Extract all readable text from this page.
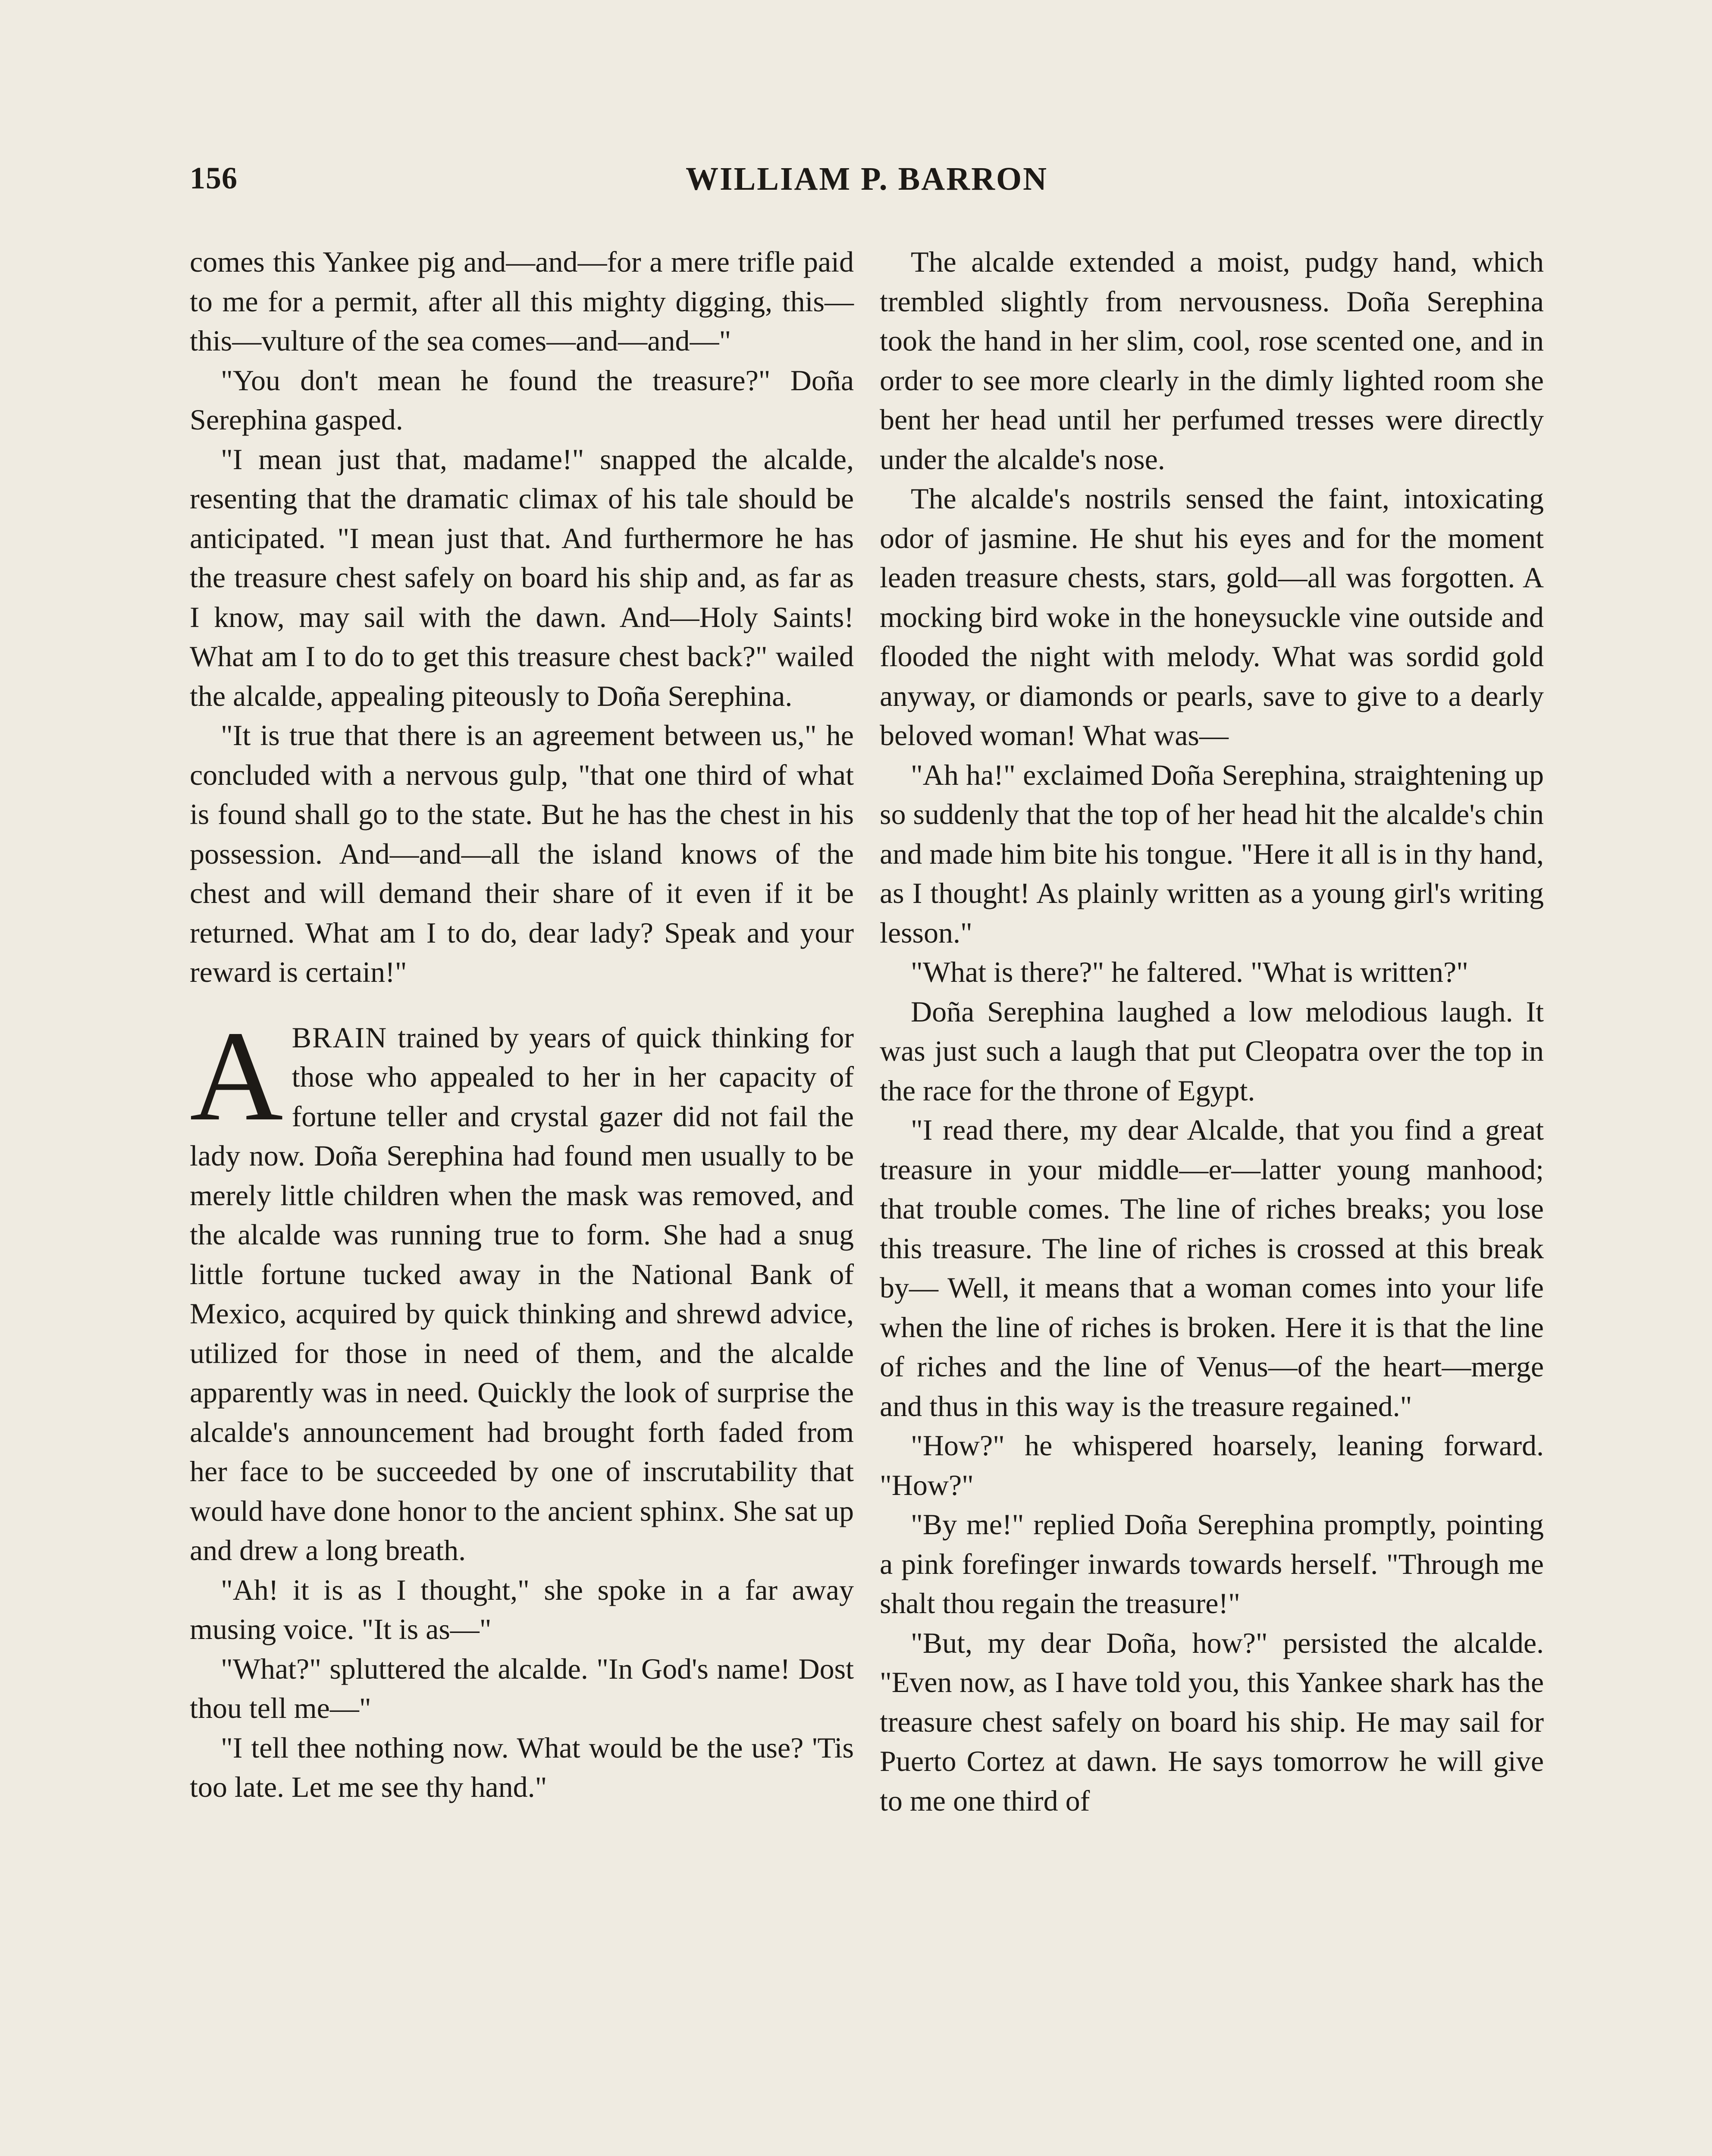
156	WILLIAM P. BARRON

comes this Yankee pig and—and—for a mere trifle paid to me for a permit, after all this mighty digging, this—this—vulture of the sea comes—and—and—"

"You don't mean he found the treasure?" Doña Serephina gasped.

"I mean just that, madame!" snapped the alcalde, resenting that the dramatic climax of his tale should be anticipated. "I mean just that. And furthermore he has the treasure chest safely on board his ship and, as far as I know, may sail with the dawn. And—Holy Saints! What am I to do to get this treasure chest back?" wailed the alcalde, appealing piteously to Doña Serephina.

"It is true that there is an agreement between us," he concluded with a nervous gulp, "that one third of what is found shall go to the state. But he has the chest in his possession. And—and—all the island knows of the chest and will demand their share of it even if it be returned. What am I to do, dear lady? Speak and your reward is certain!"

ABRAIN trained by years of quick thinking for those who appealed to her in her capacity of fortune teller and crystal gazer did not fail the lady now. Doña Serephina had found men usually to be merely little children when the mask was removed, and the alcalde was running true to form. She had a snug little fortune tucked away in the National Bank of Mexico, acquired by quick thinking and shrewd advice, utilized for those in need of them, and the alcalde apparently was in need. Quickly the look of surprise the alcalde's announcement had brought forth faded from her face to be succeeded by one of inscrutability that would have done honor to the ancient sphinx. She sat up and drew a long breath.

"Ah! it is as I thought," she spoke in a far away musing voice. "It is as—"

"What?" spluttered the alcalde. "In God's name! Dost thou tell me—"

"I tell thee nothing now. What would be the use? 'Tis too late. Let me see thy hand."

The alcalde extended a moist, pudgy hand, which trembled slightly from nervousness. Doña Serephina took the hand in her slim, cool, rose scented one, and in order to see more clearly in the dimly lighted room she bent her head until her perfumed tresses were directly under the alcalde's nose.

The alcalde's nostrils sensed the faint, intoxicating odor of jasmine. He shut his eyes and for the moment leaden treasure chests, stars, gold—all was forgotten. A mocking bird woke in the honeysuckle vine outside and flooded the night with melody. What was sordid gold anyway, or diamonds or pearls, save to give to a dearly beloved woman! What was—

"Ah ha!" exclaimed Doña Serephina, straightening up so suddenly that the top of her head hit the alcalde's chin and made him bite his tongue. "Here it all is in thy hand, as I thought! As plainly written as a young girl's writing lesson."

"What is there?" he faltered. "What is written?"

Doña Serephina laughed a low melodious laugh. It was just such a laugh that put Cleopatra over the top in the race for the throne of Egypt.

"I read there, my dear Alcalde, that you find a great treasure in your middle—er—latter young manhood; that trouble comes. The line of riches breaks; you lose this treasure. The line of riches is crossed at this break by— Well, it means that a woman comes into your life when the line of riches is broken. Here it is that the line of riches and the line of Venus—of the heart—merge and thus in this way is the treasure regained."

"How?" he whispered hoarsely, leaning forward. "How?"

"By me!" replied Doña Serephina promptly, pointing a pink forefinger inwards towards herself. "Through me shalt thou regain the treasure!"

"But, my dear Doña, how?" persisted the alcalde. "Even now, as I have told you, this Yankee shark has the treasure chest safely on board his ship. He may sail for Puerto Cortez at dawn. He says tomorrow he will give to me one third of
